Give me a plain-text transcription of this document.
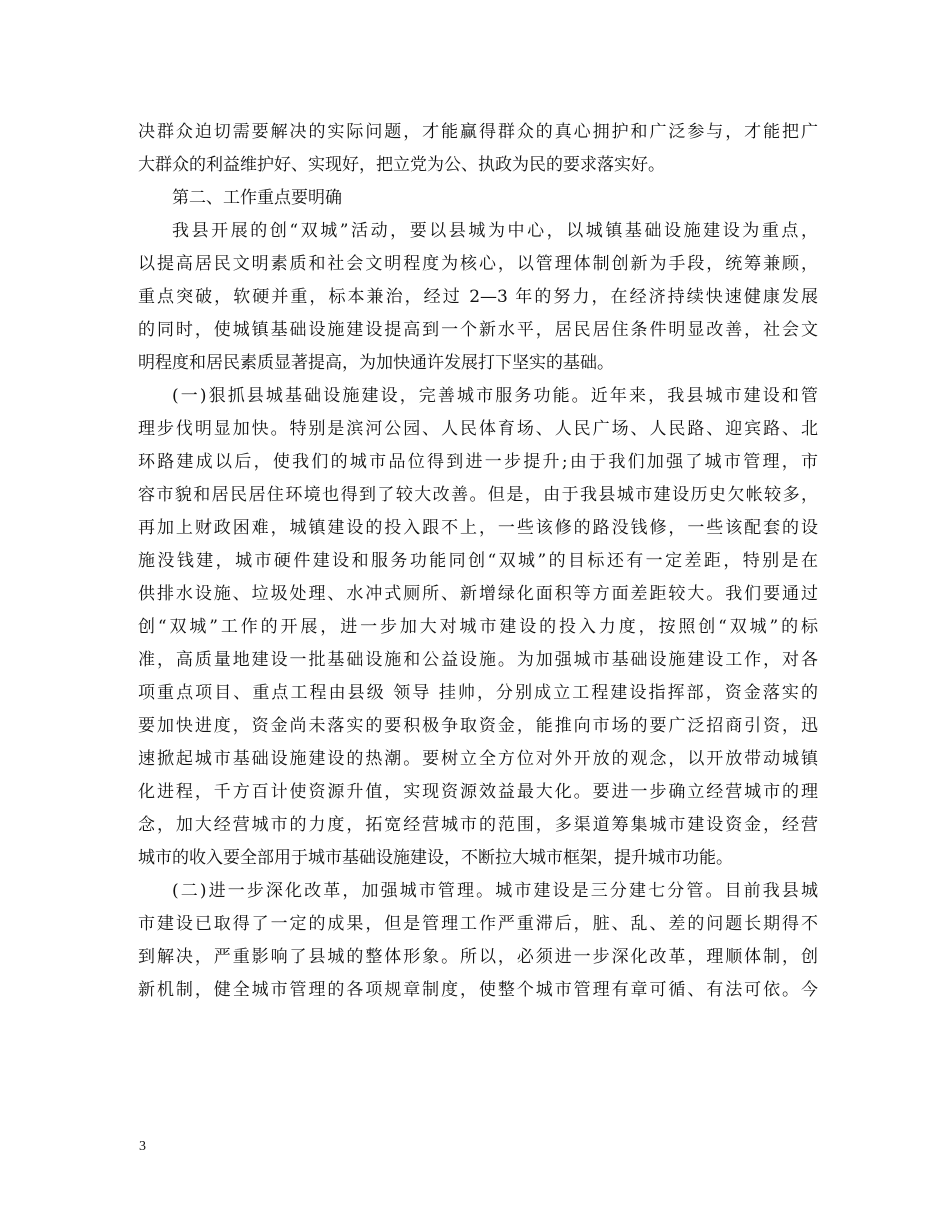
决群众迫切需要解决的实际问题，才能赢得群众的真心拥护和广泛参与，才能把广
大群众的利益维护好、实现好，把立党为公、执政为民的要求落实好。
第二、工作重点要明确
我县开展的创“双城”活动，要以县城为中心，以城镇基础设施建设为重点，
以提高居民文明素质和社会文明程度为核心，以管理体制创新为手段，统筹兼顾，
重点突破，软硬并重，标本兼治，经过 2—3 年的努力，在经济持续快速健康发展
的同时，使城镇基础设施建设提高到一个新水平，居民居住条件明显改善，社会文
明程度和居民素质显著提高，为加快通许发展打下坚实的基础。
(一)狠抓县城基础设施建设，完善城市服务功能。近年来，我县城市建设和管
理步伐明显加快。特别是滨河公园、人民体育场、人民广场、人民路、迎宾路、北
环路建成以后，使我们的城市品位得到进一步提升;由于我们加强了城市管理，市
容市貌和居民居住环境也得到了较大改善。但是，由于我县城市建设历史欠帐较多，
再加上财政困难，城镇建设的投入跟不上，一些该修的路没钱修，一些该配套的设
施没钱建，城市硬件建设和服务功能同创“双城”的目标还有一定差距，特别是在
供排水设施、垃圾处理、水冲式厕所、新增绿化面积等方面差距较大。我们要通过
创“双城”工作的开展，进一步加大对城市建设的投入力度，按照创“双城”的标
准，高质量地建设一批基础设施和公益设施。为加强城市基础设施建设工作，对各
项重点项目、重点工程由县级 领导 挂帅，分别成立工程建设指挥部，资金落实的
要加快进度，资金尚未落实的要积极争取资金，能推向市场的要广泛招商引资，迅
速掀起城市基础设施建设的热潮。要树立全方位对外开放的观念，以开放带动城镇
化进程，千方百计使资源升值，实现资源效益最大化。要进一步确立经营城市的理
念，加大经营城市的力度，拓宽经营城市的范围，多渠道筹集城市建设资金，经营
城市的收入要全部用于城市基础设施建设，不断拉大城市框架，提升城市功能。
(二)进一步深化改革，加强城市管理。城市建设是三分建七分管。目前我县城
市建设已取得了一定的成果，但是管理工作严重滞后，脏、乱、差的问题长期得不
到解决，严重影响了县城的整体形象。所以，必须进一步深化改革，理顺体制，创
新机制，健全城市管理的各项规章制度，使整个城市管理有章可循、有法可依。今
3
